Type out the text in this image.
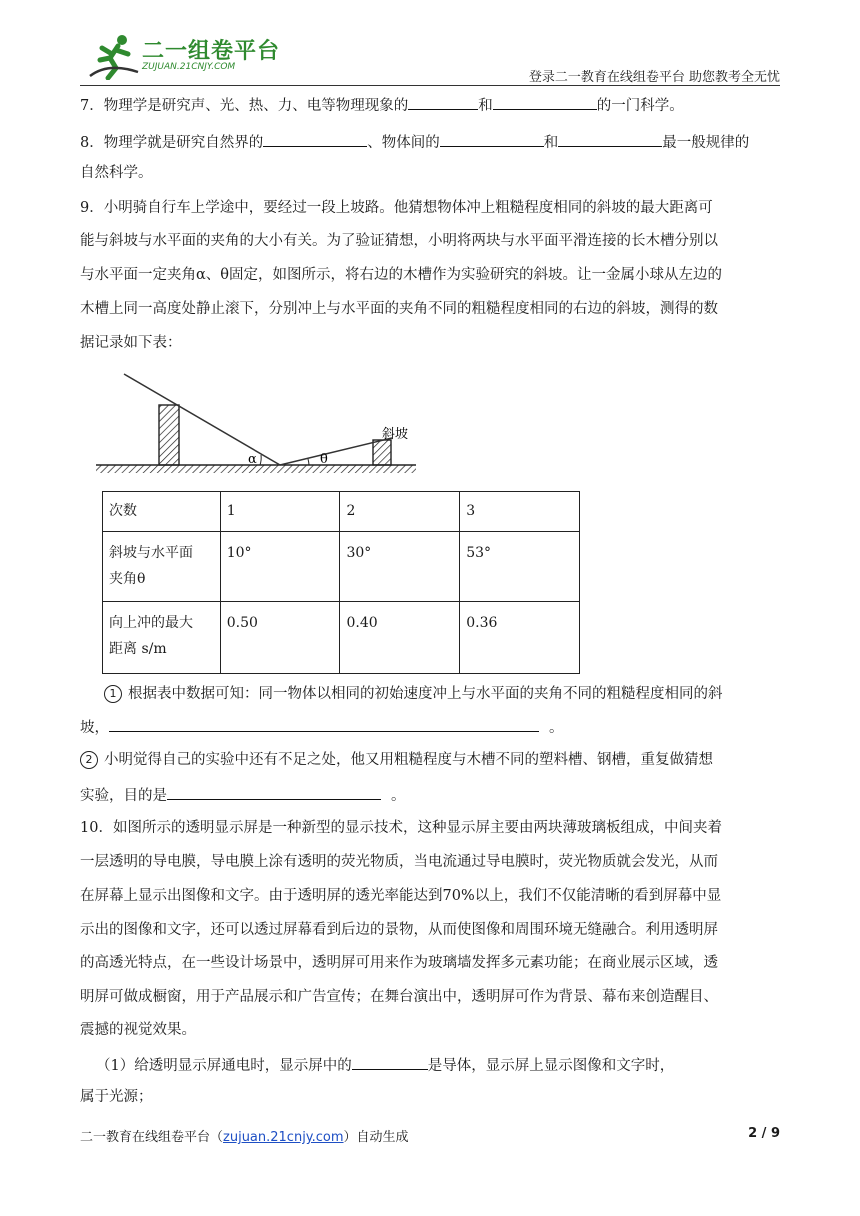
二一组卷平台
ZUJUAN.21CNJY.COM
登录二一教育在线组卷平台 助您教考全无忧
7．物理学是研究声、光、热、力、电等物理现象的	和	的一门科学。
8．物理学就是研究自然界的	、物体间的	和	最一般规律的
自然科学。
9．小明骑自行车上学途中，要经过一段上坡路。他猜想物体冲上粗糙程度相同的斜坡的最大距离可
能与斜坡与水平面的夹角的大小有关。为了验证猜想，小明将两块与水平面平滑连接的长木槽分别以
与水平面一定夹角α、θ固定，如图所示，将右边的木槽作为实验研究的斜坡。让一金属小球从左边的
木槽上同一高度处静止滚下，分别冲上与水平面的夹角不同的粗糙程度相同的右边的斜坡，测得的数
据记录如下表：
α	θ
斜坡
次数	1	2	3

斜坡与水平面
夹角θ	10°	30°	53°

向上冲的最大
距离 s/m	0.50	0.40	0.36
1 根据表中数据可知：同一物体以相同的初始速度冲上与水平面的夹角不同的粗糙程度相同的斜
坡，	。
2 小明觉得自己的实验中还有不足之处，他又用粗糙程度与木槽不同的塑料槽、钢槽，重复做猜想
实验，目的是	。
10．如图所示的透明显示屏是一种新型的显示技术，这种显示屏主要由两块薄玻璃板组成，中间夹着
一层透明的导电膜，导电膜上涂有透明的荧光物质，当电流通过导电膜时，荧光物质就会发光，从而
在屏幕上显示出图像和文字。由于透明屏的透光率能达到70%以上，我们不仅能清晰的看到屏幕中显
示出的图像和文字，还可以透过屏幕看到后边的景物，从而使图像和周围环境无缝融合。利用透明屏
的高透光特点，在一些设计场景中，透明屏可用来作为玻璃墙发挥多元素功能；在商业展示区域，透
明屏可做成橱窗，用于产品展示和广告宣传；在舞台演出中，透明屏可作为背景、幕布来创造醒目、
震撼的视觉效果。
（1）给透明显示屏通电时，显示屏中的	是导体，显示屏上显示图像和文字时，
属于光源；
二一教育在线组卷平台（zujuan.21cnjy.com）自动生成	2 / 9
